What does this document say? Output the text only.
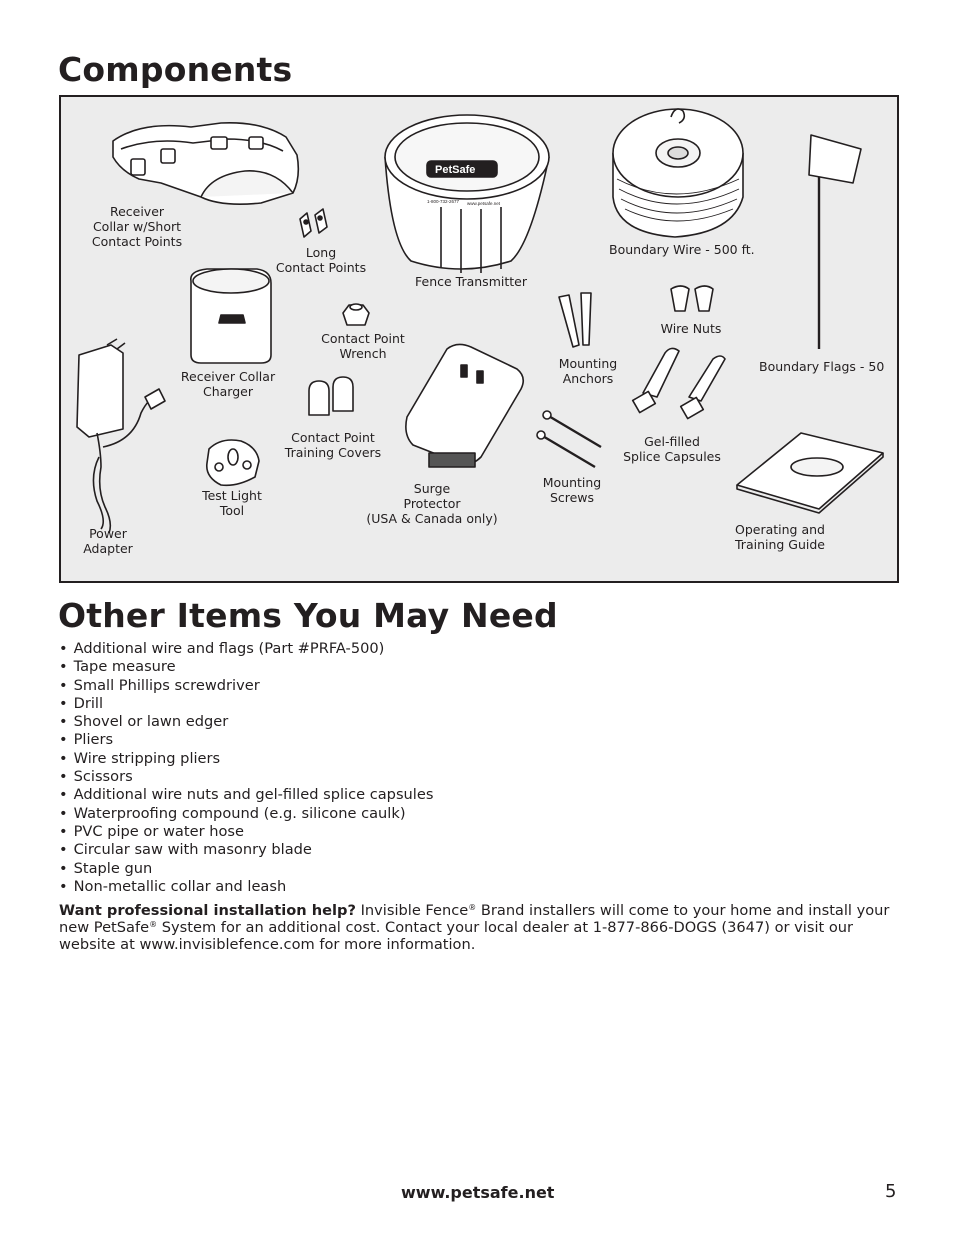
Components
PetSafe
1-800-732-2677 www.petsafe.net
Receiver
Collar w/Short
Contact Points
Long
Contact Points
Fence Transmitter
Boundary Wire - 500 ft.
Boundary Flags - 50
Wire Nuts
Mounting
Anchors
Contact Point
Wrench
Receiver Collar
Charger
Contact Point
Training Covers
Test Light
Tool
Surge
Protector
(USA & Canada only)
Mounting
Screws
Gel-filled
Splice Capsules
Power
Adapter
Operating and
Training Guide
Other Items You May Need
• Additional wire and flags (Part #PRFA-500)
• Tape measure
• Small Phillips screwdriver
• Drill
• Shovel or lawn edger
• Pliers
• Wire stripping pliers
• Scissors
• Additional wire nuts and gel-filled splice capsules
• Waterproofing compound (e.g. silicone caulk)
• PVC pipe or water hose
• Circular saw with masonry blade
• Staple gun
• Non-metallic collar and leash

Want professional installation help? Invisible Fence® Brand installers will come to your home and install your new PetSafe® System for an additional cost. Contact your local dealer at 1-877-866-DOGS (3647) or visit our website at www.invisiblefence.com for more information.

www.petsafe.net	5
